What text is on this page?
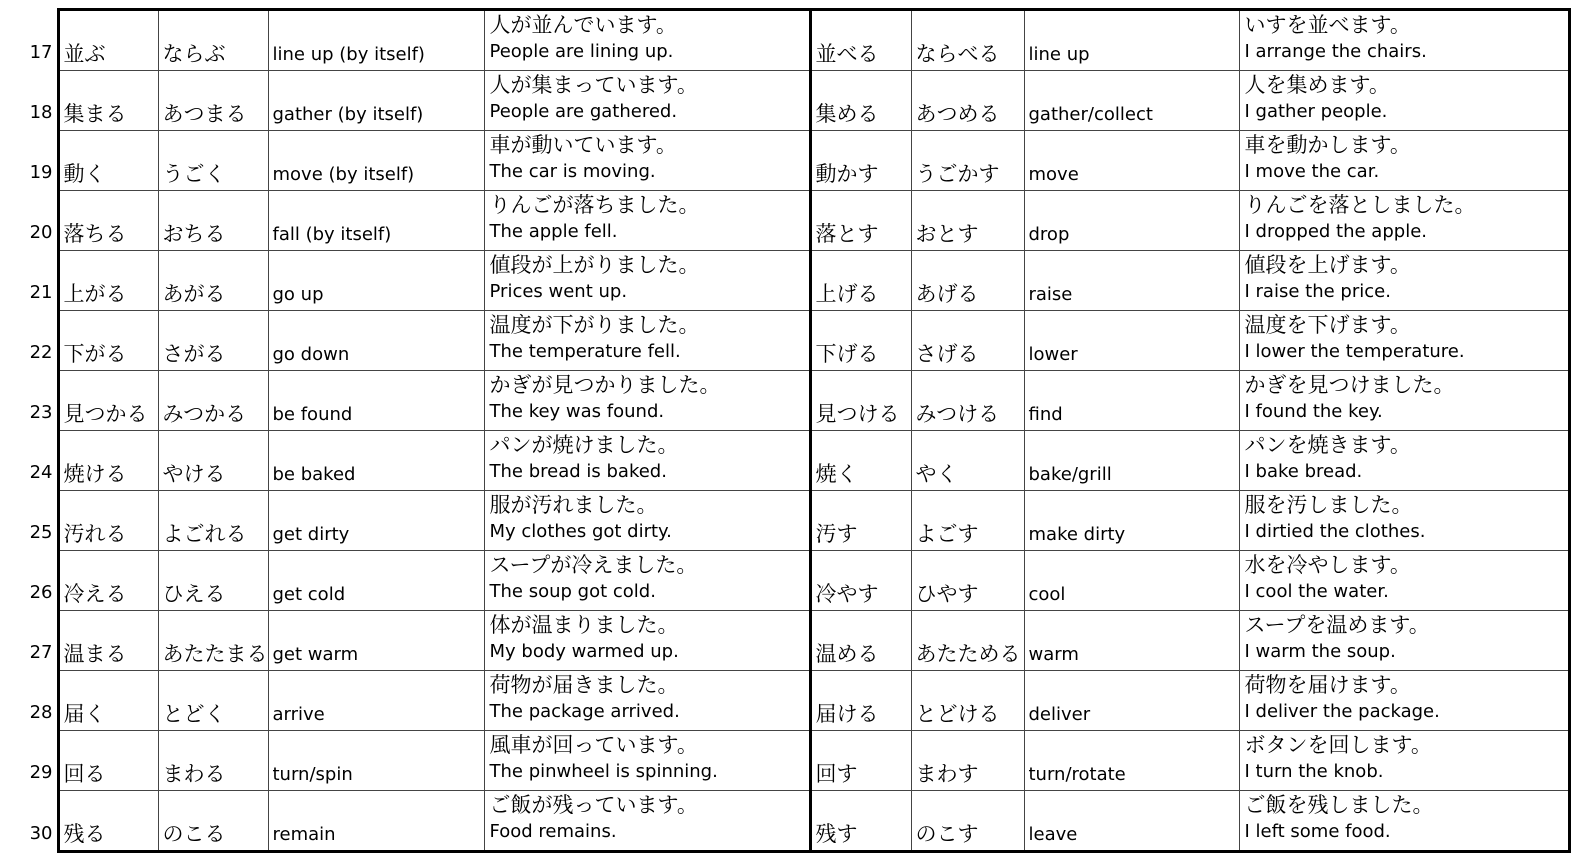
17	並ぶ	ならぶ	line up (by itself)	人が並んでいます。
People are lining up.	並べる	ならべる	line up	いすを並べます。
I arrange the chairs.

18	集まる	あつまる	gather (by itself)	人が集まっています。
People are gathered.	集める	あつめる	gather/collect	人を集めます。
I gather people.

19	動く	うごく	move (by itself)	車が動いています。
The car is moving.	動かす	うごかす	move	車を動かします。
I move the car.

20	落ちる	おちる	fall (by itself)	りんごが落ちました。
The apple fell.	落とす	おとす	drop	りんごを落としました。
I dropped the apple.

21	上がる	あがる	go up	値段が上がりました。
Prices went up.	上げる	あげる	raise	値段を上げます。
I raise the price.

22	下がる	さがる	go down	温度が下がりました。
The temperature fell.	下げる	さげる	lower	温度を下げます。
I lower the temperature.

23	見つかる	みつかる	be found	かぎが見つかりました。
The key was found.	見つける	みつける	find	かぎを見つけました。
I found the key.

24	焼ける	やける	be baked	パンが焼けました。
The bread is baked.	焼く	やく	bake/grill	パンを焼きます。
I bake bread.

25	汚れる	よごれる	get dirty	服が汚れました。
My clothes got dirty.	汚す	よごす	make dirty	服を汚しました。
I dirtied the clothes.

26	冷える	ひえる	get cold	スープが冷えました。
The soup got cold.	冷やす	ひやす	cool	水を冷やします。
I cool the water.

27	温まる	あたたまる	get warm	体が温まりました。
My body warmed up.	温める	あたためる	warm	スープを温めます。
I warm the soup.

28	届く	とどく	arrive	荷物が届きました。
The package arrived.	届ける	とどける	deliver	荷物を届けます。
I deliver the package.

29	回る	まわる	turn/spin	風車が回っています。
The pinwheel is spinning.	回す	まわす	turn/rotate	ボタンを回します。
I turn the knob.

30	残る	のこる	remain	ご飯が残っています。
Food remains.	残す	のこす	leave	ご飯を残しました。
I left some food.
